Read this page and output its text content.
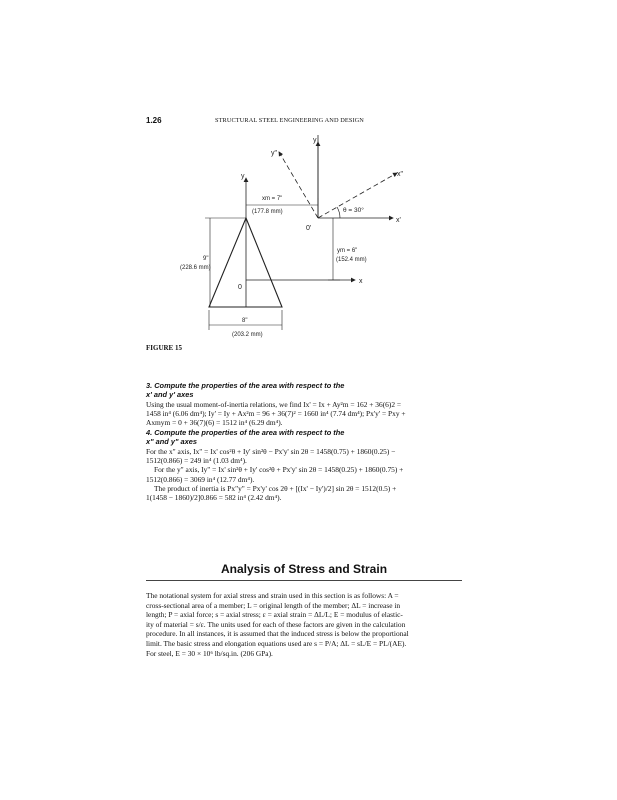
1.26	STRUCTURAL STEEL ENGINEERING AND DESIGN
y
y
y"
x"
x'
x
0
0'
θ = 30°
xm = 7"
(177.8 mm)
ym = 6"
(152.4 mm)
9"
(228.6 mm)
8"
(203.2 mm)
FIGURE 15
3. Compute the properties of the area with respect to the
x' and y' axes
Using the usual moment-of-inertia relations, we find Ix' = Ix + Ay²m = 162 + 36(6)2 =
1458 in⁴ (6.06 dm⁴); Iy' = Iy + Ax²m = 96 + 36(7)² = 1660 in⁴ (7.74 dm⁴); Px'y' = Pxy +
Axmym = 0 + 36(7)(6) = 1512 in⁴ (6.29 dm⁴).
4. Compute the properties of the area with respect to the
x" and y" axes
For the x" axis, Ix" = Ix' cos²θ + Iy' sin²θ − Px'y' sin 2θ = 1458(0.75) + 1860(0.25) −
1512(0.866) = 249 in⁴ (1.03 dm⁴).
For the y" axis, Iy" = Ix' sin²θ + Iy' cos²θ + Px'y' sin 2θ = 1458(0.25) + 1860(0.75) +
1512(0.866) = 3069 in⁴ (12.77 dm⁴).
The product of inertia is Px"y" = Px'y' cos 2θ + [(Ix' − Iy')/2] sin 2θ = 1512(0.5) +
1(1458 − 1860)/2]0.866 = 582 in⁴ (2.42 dm⁴).
Analysis of Stress and Strain
The notational system for axial stress and strain used in this section is as follows: A =
cross-sectional area of a member; L = original length of the member; ΔL = increase in
length; P = axial force; s = axial stress; ε = axial strain = ΔL/L; E = modulus of elastic-
ity of material = s/ε. The units used for each of these factors are given in the calculation
procedure. In all instances, it is assumed that the induced stress is below the proportional
limit. The basic stress and elongation equations used are s = P/A; ΔL = sL/E = PL/(AE).
For steel, E = 30 × 10⁶ lb/sq.in. (206 GPa).
